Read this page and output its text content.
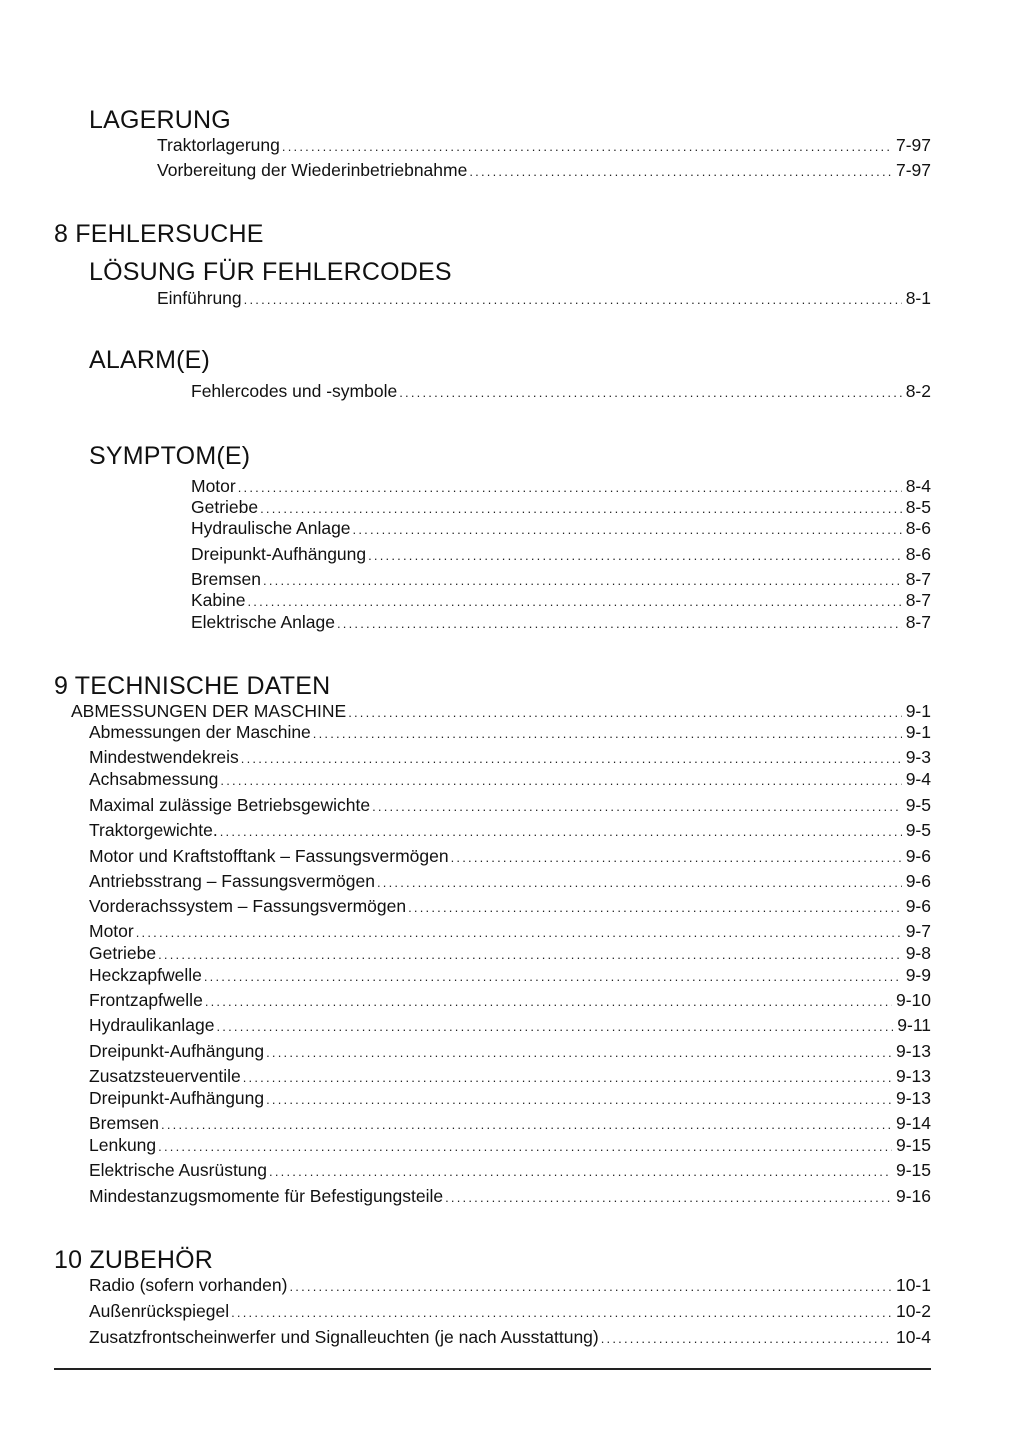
LAGERUNG
Traktorlagerung .....	7-97
Vorbereitung der Wiederinbetriebnahme .....	7-97
8 FEHLERSUCHE
LÖSUNG FÜR FEHLERCODES
Einführung .....	8-1
ALARM(E)
Fehlercodes und -symbole .....	8-2
SYMPTOM(E)
Motor .....	8-4
Getriebe .....	8-5
Hydraulische Anlage .....	8-6
Dreipunkt-Aufhängung .....	8-6
Bremsen .....	8-7
Kabine .....	8-7
Elektrische Anlage .....	8-7
9 TECHNISCHE DATEN
ABMESSUNGEN DER MASCHINE .....	9-1
Abmessungen der Maschine .....	9-1
Mindestwendekreis .....	9-3
Achsabmessung .....	9-4
Maximal zulässige Betriebsgewichte .....	9-5
Traktorgewichte. .....	9-5
Motor und Kraftstofftank – Fassungsvermögen .....	9-6
Antriebsstrang – Fassungsvermögen .....	9-6
Vorderachssystem – Fassungsvermögen .....	9-6
Motor .....	9-7
Getriebe .....	9-8
Heckzapfwelle .....	9-9
Frontzapfwelle .....	9-10
Hydraulikanlage .....	9-11
Dreipunkt-Aufhängung .....	9-13
Zusatzsteuerventile .....	9-13
Dreipunkt-Aufhängung .....	9-13
Bremsen .....	9-14
Lenkung .....	9-15
Elektrische Ausrüstung .....	9-15
Mindestanzugsmomente für Befestigungsteile .....	9-16
10 ZUBEHÖR
Radio (sofern vorhanden) .....	10-1
Außenrückspiegel .....	10-2
Zusatzfrontscheinwerfer und Signalleuchten (je nach Ausstattung) .....	10-4
